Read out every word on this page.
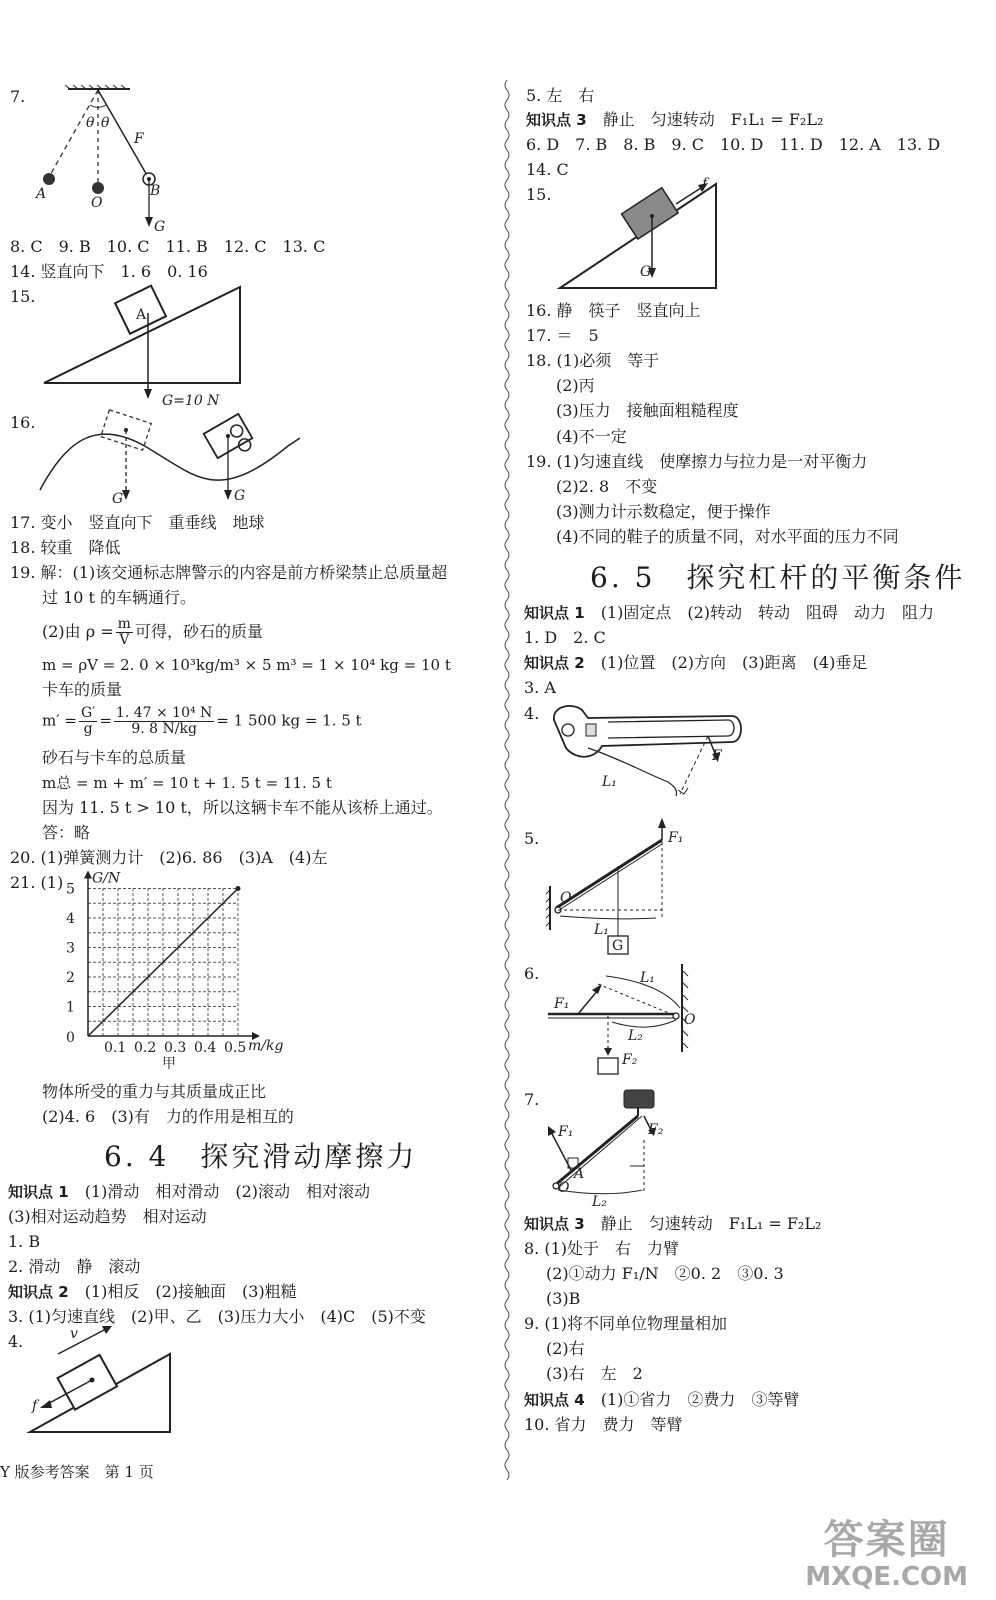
7.
θ θ
F
A
O
B
G
8. C　9. B　10. C　11. B　12. C　13. C
14. 竖直向下　1. 6　0. 16
15.
A
G=10 N
16.
G	G
17. 变小　竖直向下　重垂线　地球
18. 较重　降低
19. 解：(1)该交通标志牌警示的内容是前方桥梁禁止总质量超
过 10 t 的车辆通行。
(2)由 $\rho = \frac{m}{V}$ 可得，砂石的质量
m = ρV = 2. 0 × 10³kg/m³ × 5 m³ = 1 × 10⁴ kg = 10 t
卡车的质量
$m' = \frac{G'}{g} = \frac{\text{1. 47 × 10⁴ N}}{9. 8 N/kg} = 1$ 500 kg = 1. 5 t
砂石与卡车的总质量
m总 = m + m′ = 10 t + 1. 5 t = 11. 5 t
因为 11. 5 t > 10 t，所以这辆卡车不能从该桥上通过。
答：略
20. (1)弹簧测力计　(2)6. 86　(3)A　(4)左
21. (1)
0.1 0.2 0.3 0.4 0.5
1
2
3
4
5
0	m/kg
G/N
甲
物体所受的重力与其质量成正比
(2)4. 6　(3)有　力的作用是相互的
6. 4　探究滑动摩擦力
知识点 1　 (1)滑动　相对滑动　(2)滚动　相对滚动
(3)相对运动趋势　相对运动
1. B
2. 滑动　静　滚动
知识点 2　 (1)相反　(2)接触面　(3)粗糙
3. (1)匀速直线　(2)甲、乙　(3)压力大小　(4)C　(5)不变
4.	v
f
Y 版参考答案　第 1 页
5. 左　右
知识点 3　 静止　匀速转动　F₁L₁ = F₂L₂
6. D　7. B　8. B　9. C　10. D　11. D　12. A　13. D
14. C
15.
f
G
16. 静　筷子　竖直向上
17. ＝　5
18. (1)必须　等于
(2)丙
(3)压力　接触面粗糙程度
(4)不一定
19. (1)匀速直线　使摩擦力与拉力是一对平衡力
(2)2. 8　不变
(3)测力计示数稳定，便于操作
(4)不同的鞋子的质量不同，对水平面的压力不同
6. 5　探究杠杆的平衡条件
知识点 1　 (1)固定点　(2)转动　转动　阻碍　动力　阻力
1. D　2. C
知识点 2　 (1)位置　(2)方向　(3)距离　(4)垂足
3. A
4.
F
L₁
5.	F₁
O
L₁
G
6.
F₁
L₁
O
L₂
F₂
7.
F₁	F₂
A
O
L₂
知识点 3　 静止　匀速转动　F₁L₁ = F₂L₂
8. (1)处于　右　力臂
(2)①动力 F₁/N　②0. 2　③0. 3
(3)B
9. (1)将不同单位物理量相加
(2)右
(3)右　左　2
知识点 4　 (1)①省力　②费力　③等臂
10. 省力　费力　等臂
答案圈
MXQE.COM
